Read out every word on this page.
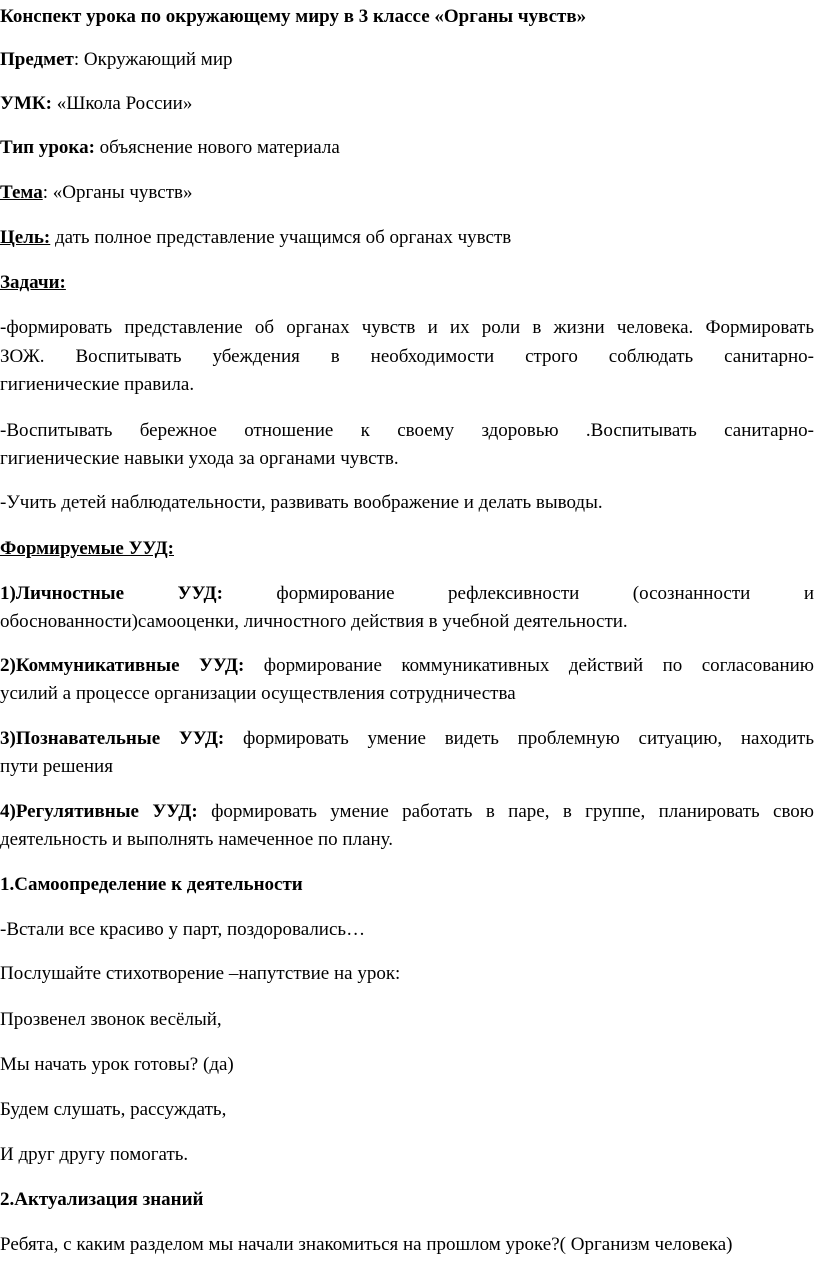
Конспект урока по окружающему миру в 3 классе «Органы чувств»
Предмет: Окружающий мир
УМК: «Школа России»
Тип урока: объяснение нового материала
Тема: «Органы чувств»
Цель: дать полное представление учащимся об органах чувств
Задачи:
-формировать представление об органах чувств и их роли в жизни человека. Формировать
ЗОЖ. Воспитывать убеждения в необходимости строго соблюдать санитарно-
гигиенические правила.
-Воспитывать бережное отношение к своему здоровью .Воспитывать санитарно-
гигиенические навыки ухода за органами чувств.
-Учить детей наблюдательности, развивать воображение и делать выводы.
Формируемые УУД:
1)Личностные УУД: формирование рефлексивности (осознанности и
обоснованности)самооценки, личностного действия в учебной деятельности.
2)Коммуникативные УУД: формирование коммуникативных действий по согласованию
усилий а процессе организации осуществления сотрудничества
3)Познавательные УУД: формировать умение видеть проблемную ситуацию, находить
пути решения
4)Регулятивные УУД: формировать умение работать в паре, в группе, планировать свою
деятельность и выполнять намеченное по плану.
1.Самоопределение к деятельности
-Встали все красиво у парт, поздоровались…
Послушайте стихотворение –напутствие на урок:
Прозвенел звонок весёлый,
Мы начать урок готовы? (да)
Будем слушать, рассуждать,
И друг другу помогать.
2.Актуализация знаний
Ребята, с каким разделом мы начали знакомиться на прошлом уроке?( Организм человека)
